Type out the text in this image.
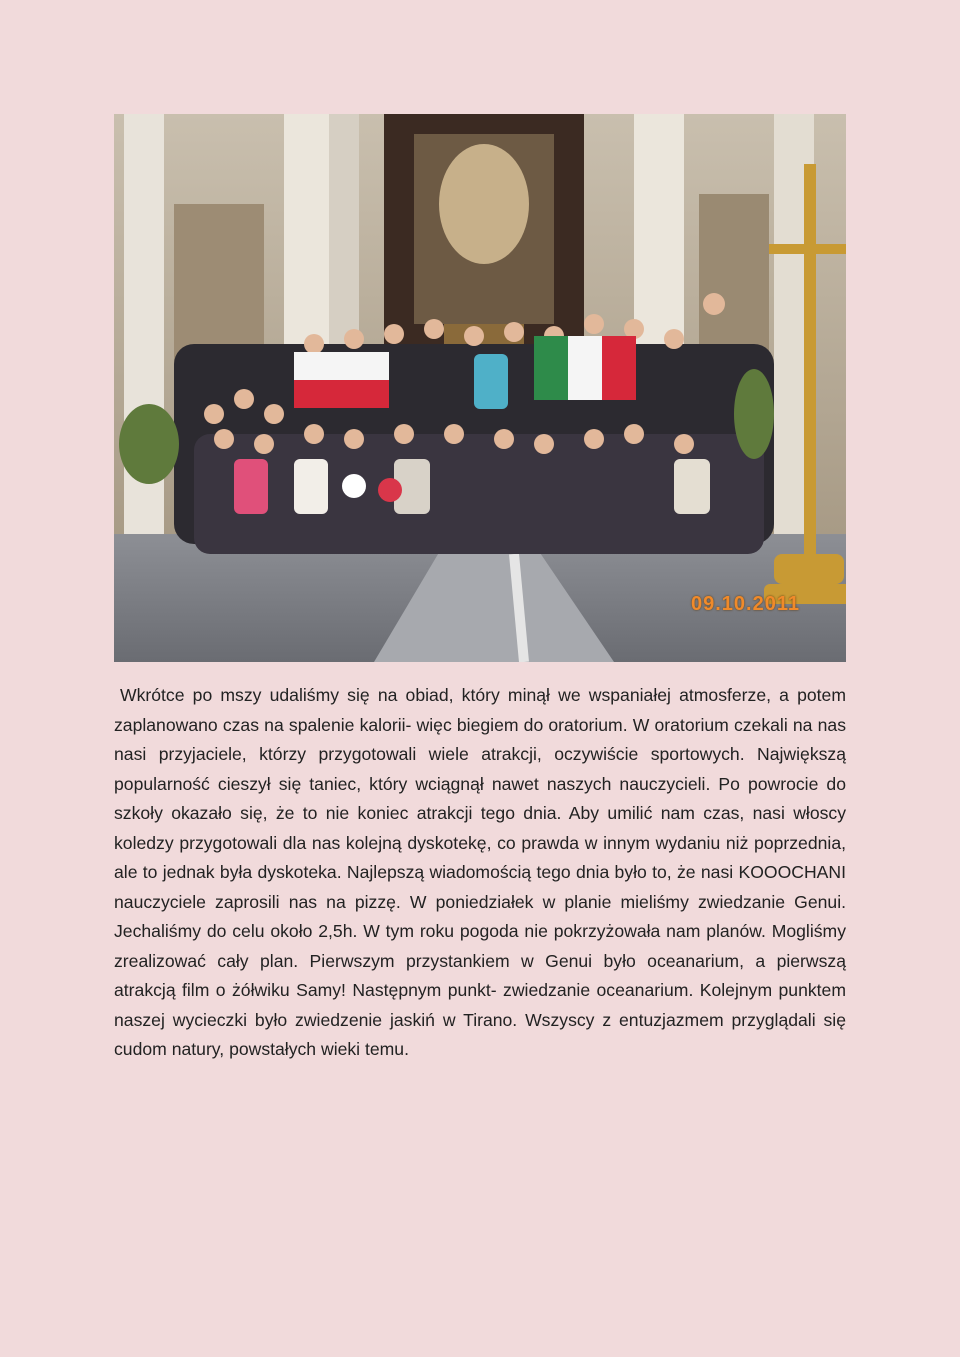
09.10.2011

Wkrótce po mszy udaliśmy się na obiad, który minął we wspaniałej atmosferze, a potem zaplanowano czas na spalenie kalorii- więc biegiem do oratorium. W oratorium czekali na nas nasi przyjaciele, którzy przygotowali wiele atrakcji, oczywiście sportowych. Największą popularność cieszył się taniec, który wciągnął nawet naszych nauczycieli. Po powrocie do szkoły okazało się, że to nie koniec atrakcji tego dnia. Aby umilić nam czas, nasi włoscy koledzy przygotowali dla nas kolejną dyskotekę, co prawda w innym wydaniu niż poprzednia, ale to jednak była dyskoteka. Najlepszą wiadomością tego dnia było to, że nasi KOOOCHANI nauczyciele zaprosili nas na pizzę. W poniedziałek w planie mieliśmy zwiedzanie Genui. Jechaliśmy do celu około 2,5h. W tym roku pogoda nie pokrzyżowała nam planów. Mogliśmy zrealizować cały plan. Pierwszym przystankiem w Genui było oceanarium, a pierwszą atrakcją film o żółwiku Samy! Następnym punkt- zwiedzanie oceanarium. Kolejnym punktem naszej wycieczki było zwiedzenie jaskiń w Tirano. Wszyscy z entuzjazmem przyglądali się cudom natury, powstałych wieki temu.
